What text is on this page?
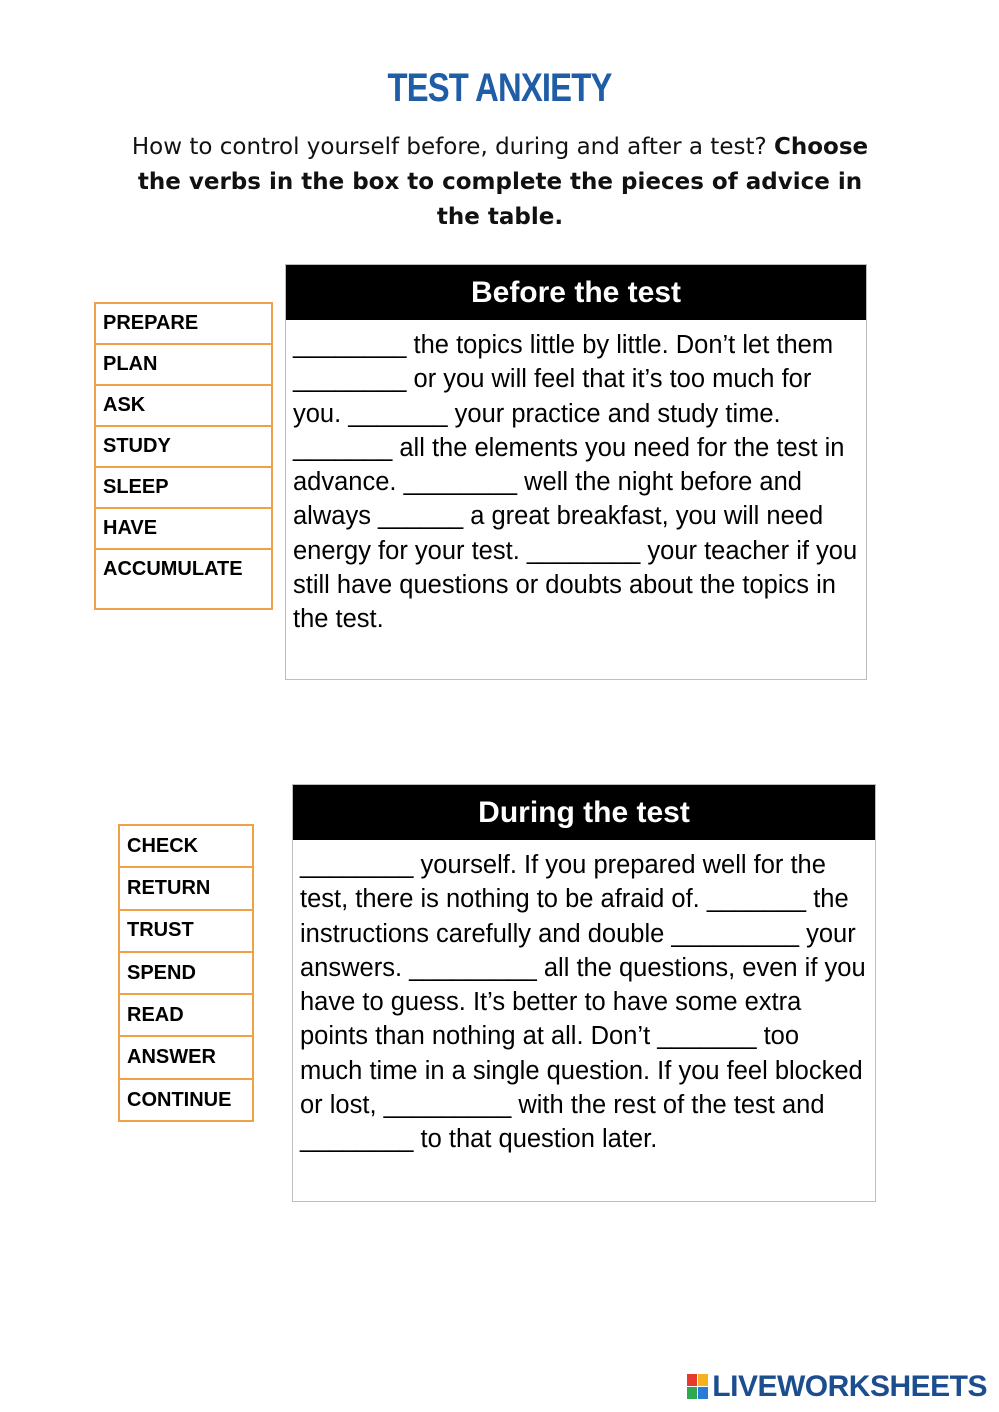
TEST ANXIETY
How to control yourself before, during and after a test? Choose the verbs in the box to complete the pieces of advice in the table.
PREPARE
PLAN
ASK
STUDY
SLEEP
HAVE
ACCUMULATE
Before the test
________ the topics little by little. Don’t let them ________ or you will feel that it’s too much for you. _______ your practice and study time. _______ all the elements you need for the test in advance. ________ well the night before and always ______ a great breakfast, you will need energy for your test. ________ your teacher if you still have questions or doubts about the topics in the test.
CHECK
RETURN
TRUST
SPEND
READ
ANSWER
CONTINUE
During the test
________ yourself. If you prepared well for the test, there is nothing to be afraid of. _______ the instructions carefully and double _________ your answers. _________ all the questions, even if you have to guess. It’s better to have some extra points than nothing at all. Don’t _______ too much time in a single question. If you feel blocked or lost, _________ with the rest of the test and ________ to that question later.
LIVEWORKSHEETS
